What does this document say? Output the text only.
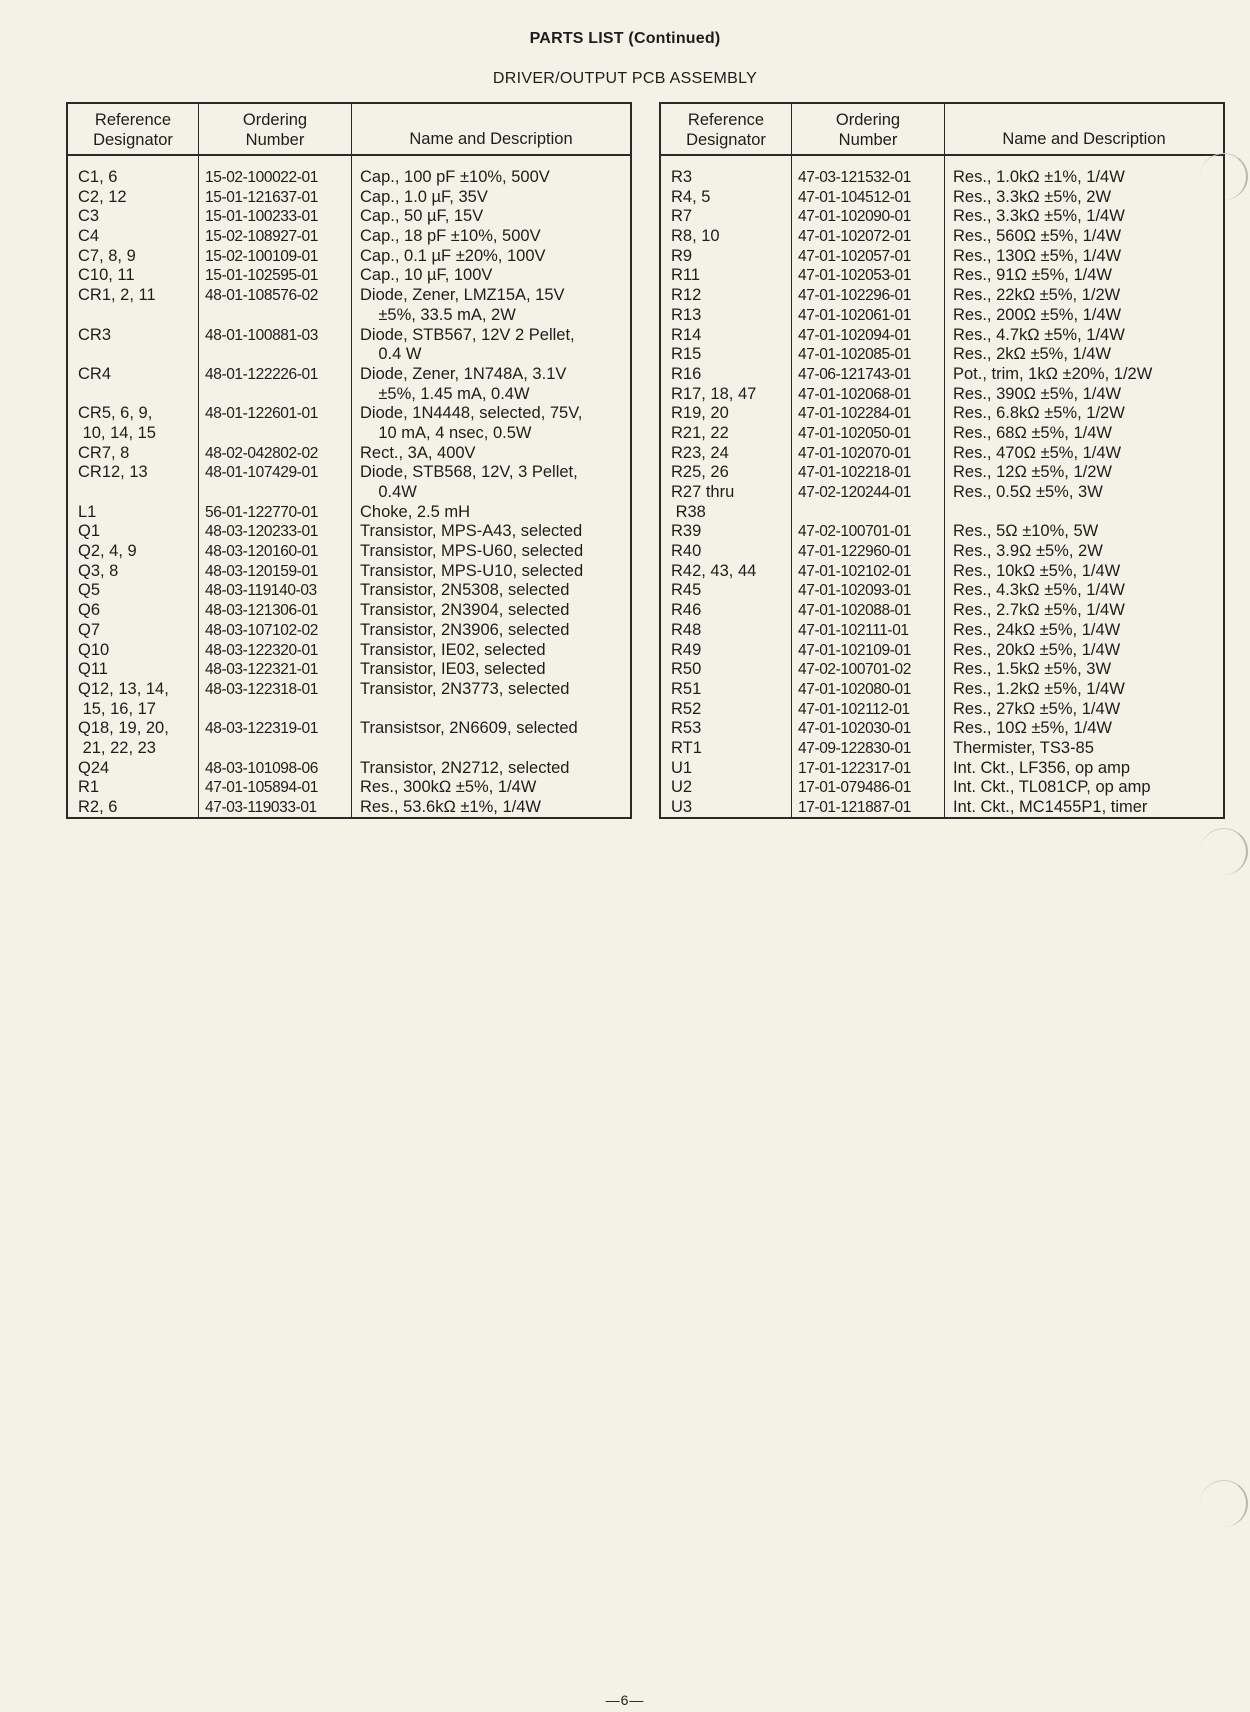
PARTS LIST (Continued)
DRIVER/OUTPUT PCB ASSEMBLY
Reference
Designator
Ordering
Number	Name and Description
C1, 6
C2, 12
C3
C4
C7, 8, 9
C10, 11
CR1, 2, 11

CR3

CR4

CR5, 6, 9,
10, 14, 15
CR7, 8
CR12, 13

L1
Q1
Q2, 4, 9
Q3, 8
Q5
Q6
Q7
Q10
Q11
Q12, 13, 14,
15, 16, 17
Q18, 19, 20,
21, 22, 23
Q24
R1
R2, 6
15-02-100022-01
15-01-121637-01
15-01-100233-01
15-02-108927-01
15-02-100109-01
15-01-102595-01
48-01-108576-02

48-01-100881-03

48-01-122226-01

48-01-122601-01

48-02-042802-02
48-01-107429-01

56-01-122770-01
48-03-120233-01
48-03-120160-01
48-03-120159-01
48-03-119140-03
48-03-121306-01
48-03-107102-02
48-03-122320-01
48-03-122321-01
48-03-122318-01

48-03-122319-01

48-03-101098-06
47-01-105894-01
47-03-119033-01
Cap., 100 pF ±10%, 500V
Cap., 1.0 µF, 35V
Cap., 50 µF, 15V
Cap., 18 pF ±10%, 500V
Cap., 0.1 µF ±20%, 100V
Cap., 10 µF, 100V
Diode, Zener, LMZ15A, 15V
±5%, 33.5 mA, 2W
Diode, STB567, 12V 2 Pellet,
0.4 W
Diode, Zener, 1N748A, 3.1V
±5%, 1.45 mA, 0.4W
Diode, 1N4448, selected, 75V,
10 mA, 4 nsec, 0.5W
Rect., 3A, 400V
Diode, STB568, 12V, 3 Pellet,
0.4W
Choke, 2.5 mH
Transistor, MPS-A43, selected
Transistor, MPS-U60, selected
Transistor, MPS-U10, selected
Transistor, 2N5308, selected
Transistor, 2N3904, selected
Transistor, 2N3906, selected
Transistor, IE02, selected
Transistor, IE03, selected
Transistor, 2N3773, selected

Transistsor, 2N6609, selected

Transistor, 2N2712, selected
Res., 300kΩ ±5%, 1/4W
Res., 53.6kΩ ±1%, 1/4W
Reference
Designator
Ordering
Number	Name and Description
R3
R4, 5
R7
R8, 10
R9
R11
R12
R13
R14
R15
R16
R17, 18, 47
R19, 20
R21, 22
R23, 24
R25, 26
R27 thru
R38
R39
R40
R42, 43, 44
R45
R46
R48
R49
R50
R51
R52
R53
RT1
U1
U2
U3
47-03-121532-01
47-01-104512-01
47-01-102090-01
47-01-102072-01
47-01-102057-01
47-01-102053-01
47-01-102296-01
47-01-102061-01
47-01-102094-01
47-01-102085-01
47-06-121743-01
47-01-102068-01
47-01-102284-01
47-01-102050-01
47-01-102070-01
47-01-102218-01
47-02-120244-01

47-02-100701-01
47-01-122960-01
47-01-102102-01
47-01-102093-01
47-01-102088-01
47-01-102111-01
47-01-102109-01
47-02-100701-02
47-01-102080-01
47-01-102112-01
47-01-102030-01
47-09-122830-01
17-01-122317-01
17-01-079486-01
17-01-121887-01
Res., 1.0kΩ ±1%, 1/4W
Res., 3.3kΩ ±5%, 2W
Res., 3.3kΩ ±5%, 1/4W
Res., 560Ω ±5%, 1/4W
Res., 130Ω ±5%, 1/4W
Res., 91Ω ±5%, 1/4W
Res., 22kΩ ±5%, 1/2W
Res., 200Ω ±5%, 1/4W
Res., 4.7kΩ ±5%, 1/4W
Res., 2kΩ ±5%, 1/4W
Pot., trim, 1kΩ ±20%, 1/2W
Res., 390Ω ±5%, 1/4W
Res., 6.8kΩ ±5%, 1/2W
Res., 68Ω ±5%, 1/4W
Res., 470Ω ±5%, 1/4W
Res., 12Ω ±5%, 1/2W
Res., 0.5Ω ±5%, 3W

Res., 5Ω ±10%, 5W
Res., 3.9Ω ±5%, 2W
Res., 10kΩ ±5%, 1/4W
Res., 4.3kΩ ±5%, 1/4W
Res., 2.7kΩ ±5%, 1/4W
Res., 24kΩ ±5%, 1/4W
Res., 20kΩ ±5%, 1/4W
Res., 1.5kΩ ±5%, 3W
Res., 1.2kΩ ±5%, 1/4W
Res., 27kΩ ±5%, 1/4W
Res., 10Ω ±5%, 1/4W
Thermister, TS3-85
Int. Ckt., LF356, op amp
Int. Ckt., TL081CP, op amp
Int. Ckt., MC1455P1, timer
—6—
